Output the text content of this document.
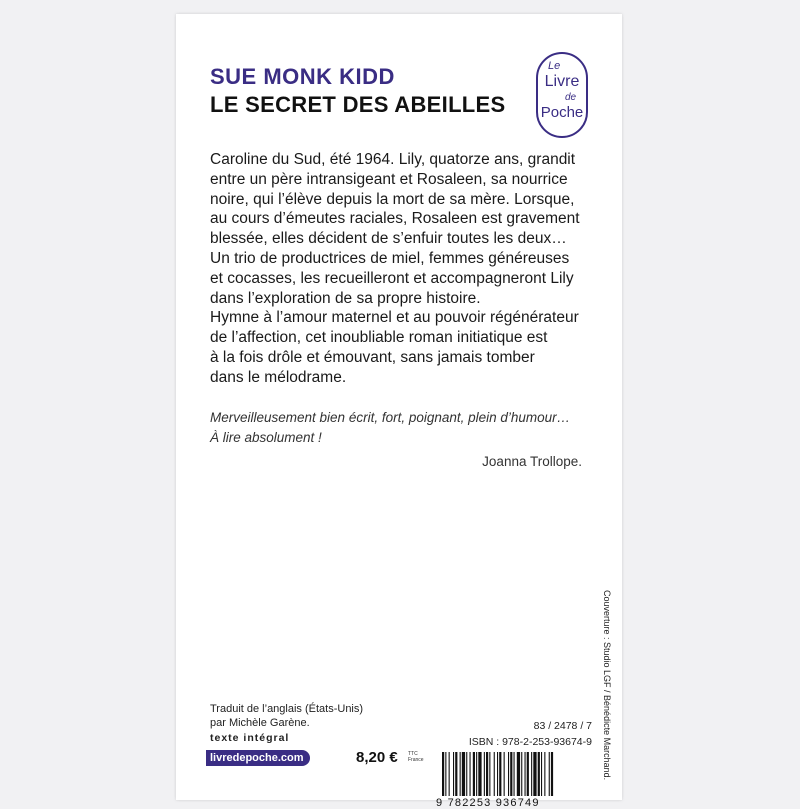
SUE MONK KIDD
LE SECRET DES ABEILLES
Le
Livre
de
Poche

Caroline du Sud, été 1964. Lily, quatorze ans, grandit
entre un père intransigeant et Rosaleen, sa nourrice
noire, qui l’élève depuis la mort de sa mère. Lorsque,
au cours d’émeutes raciales, Rosaleen est gravement
blessée, elles décident de s’enfuir toutes les deux…
Un trio de productrices de miel, femmes généreuses
et cocasses, les recueilleront et accompagneront Lily
dans l’exploration de sa propre histoire.
Hymne à l’amour maternel et au pouvoir régénérateur
de l’affection, cet inoubliable roman initiatique est
à la fois drôle et émouvant, sans jamais tomber
dans le mélodrame.

Merveilleusement bien écrit, fort, poignant, plein d’humour…
À lire absolument !

Joanna Trollope.
Couverture : Studio LGF / Bénédicte Marchand.

Traduit de l’anglais (États-Unis)
par Michèle Garène.

texte intégral
livredepoche.com	8,20 € TTC
France
83 / 2478 / 7
ISBN : 978-2-253-93674-9
9 782253 936749
